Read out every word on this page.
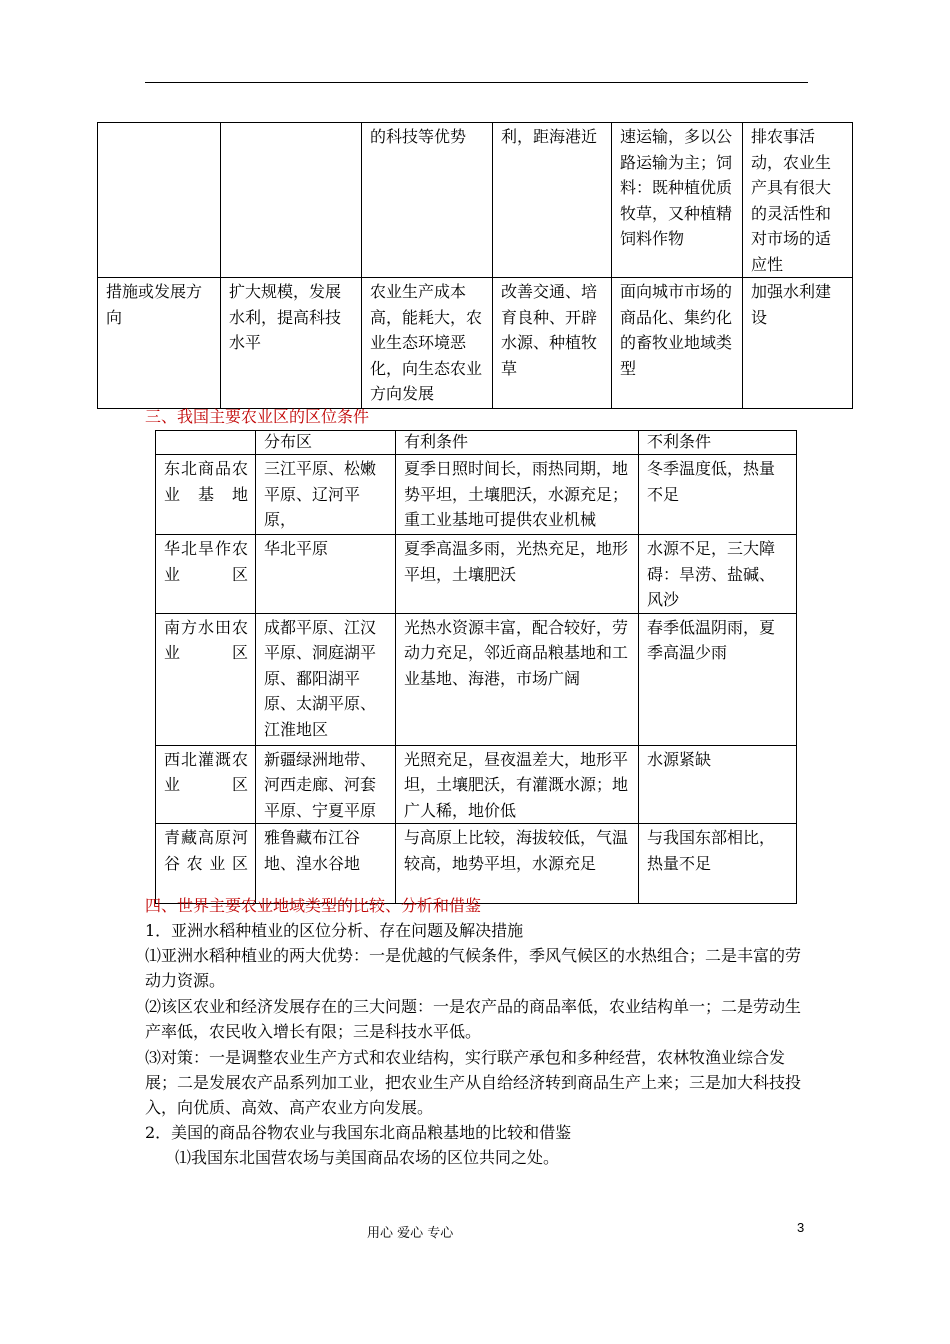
		的科技等优势	利，距海港近	速运输，多以公路运输为主；饲料：既种植优质牧草，又种植精饲料作物	排农事活动，农业生产具有很大的灵活性和对市场的适应性
措施或发展方向	扩大规模，发展水利，提高科技水平	农业生产成本高，能耗大，农业生态环境恶化，向生态农业方向发展	改善交通、培育良种、开辟水源、种植牧草	面向城市市场的商品化、集约化的畜牧业地域类型	加强水利建设
三、我国主要农业区的区位条件
	分布区	有利条件	不利条件
东北商品农业基地	三江平原、松嫩平原、辽河平原，	夏季日照时间长，雨热同期，地势平坦，土壤肥沃，水源充足；重工业基地可提供农业机械	冬季温度低，热量不足
华北旱作农业区	华北平原	夏季高温多雨，光热充足，地形平坦，土壤肥沃	水源不足，三大障碍：旱涝、盐碱、风沙
南方水田农业区	成都平原、江汉平原、洞庭湖平原、鄱阳湖平原、太湖平原、江淮地区	光热水资源丰富，配合较好，劳动力充足，邻近商品粮基地和工业基地、海港，市场广阔	春季低温阴雨，夏季高温少雨
西北灌溉农业区	新疆绿洲地带、河西走廊、河套平原、宁夏平原	光照充足，昼夜温差大，地形平坦，土壤肥沃，有灌溉水源；地广人稀，地价低	水源紧缺
青藏高原河谷农业区	雅鲁藏布江谷地、湟水谷地	与高原上比较，海拔较低，气温较高，地势平坦，水源充足	与我国东部相比，热量不足
四、世界主要农业地域类型的比较、分析和借鉴
1．亚洲水稻种植业的区位分析、存在问题及解决措施
⑴亚洲水稻种植业的两大优势：一是优越的气候条件，季风气候区的水热组合；二是丰富的劳动力资源。
⑵该区农业和经济发展存在的三大问题：一是农产品的商品率低，农业结构单一；二是劳动生产率低，农民收入增长有限；三是科技水平低。
⑶对策：一是调整农业生产方式和农业结构，实行联产承包和多种经营，农林牧渔业综合发展；二是发展农产品系列加工业，把农业生产从自给经济转到商品生产上来；三是加大科技投入，向优质、高效、高产农业方向发展。
2．美国的商品谷物农业与我国东北商品粮基地的比较和借鉴
⑴我国东北国营农场与美国商品农场的区位共同之处。
用心 爱心 专心	3
